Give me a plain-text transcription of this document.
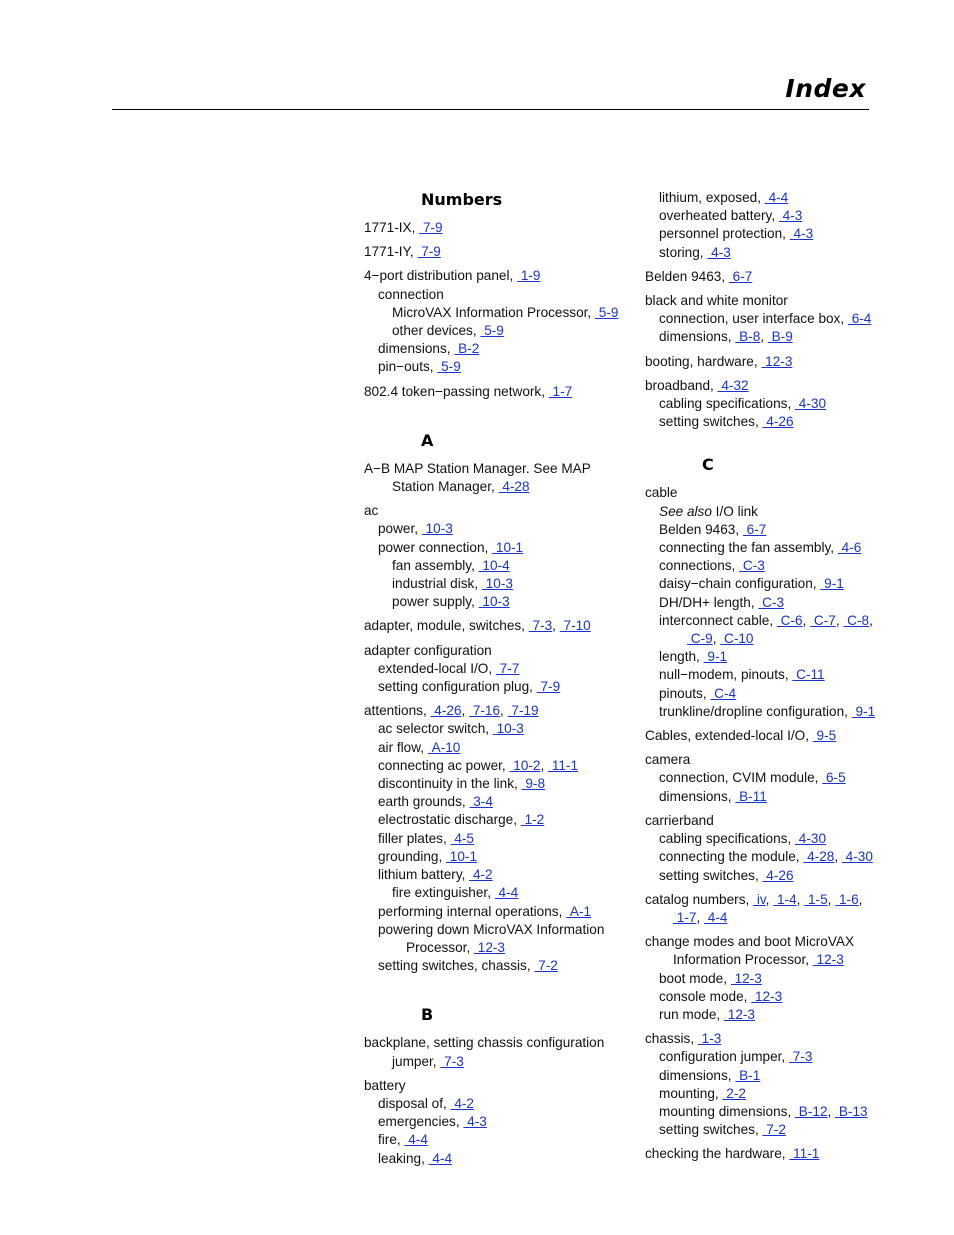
Index
Numbers
1771-IX,  7-9
1771-IY,  7-9
4−port distribution panel,  1-9
connection
MicroVAX Information Processor,  5-9
other devices,  5-9
dimensions,  B-2
pin−outs,  5-9
802.4 token−passing network,  1-7
A
A−B MAP Station Manager. See MAP
Station Manager,  4-28
ac
power,  10-3
power connection,  10-1
fan assembly,  10-4
industrial disk,  10-3
power supply,  10-3
adapter, module, switches,  7-3,  7-10
adapter configuration
extended-local I/O,  7-7
setting configuration plug,  7-9
attentions,  4-26,  7-16,  7-19
ac selector switch,  10-3
air flow,  A-10
connecting ac power,  10-2,  11-1
discontinuity in the link,  9-8
earth grounds,  3-4
electrostatic discharge,  1-2
filler plates,  4-5
grounding,  10-1
lithium battery,  4-2
fire extinguisher,  4-4
performing internal operations,  A-1
powering down MicroVAX Information
Processor,  12-3
setting switches, chassis,  7-2
B
backplane, setting chassis configuration
jumper,  7-3
battery
disposal of,  4-2
emergencies,  4-3
fire,  4-4
leaking,  4-4
lithium, exposed,  4-4
overheated battery,  4-3
personnel protection,  4-3
storing,  4-3
Belden 9463,  6-7
black and white monitor
connection, user interface box,  6-4
dimensions,  B-8,  B-9
booting, hardware,  12-3
broadband,  4-32
cabling specifications,  4-30
setting switches,  4-26
C
cable
See also I/O link
Belden 9463,  6-7
connecting the fan assembly,  4-6
connections,  C-3
daisy−chain configuration,  9-1
DH/DH+ length,  C-3
interconnect cable,  C-6,  C-7,  C-8,
C-9,  C-10
length,  9-1
null−modem, pinouts,  C-11
pinouts,  C-4
trunkline/dropline configuration,  9-1
Cables, extended-local I/O,  9-5
camera
connection, CVIM module,  6-5
dimensions,  B-11
carrierband
cabling specifications,  4-30
connecting the module,  4-28,  4-30
setting switches,  4-26
catalog numbers,  iv,  1-4,  1-5,  1-6,
1-7,  4-4
change modes and boot MicroVAX
Information Processor,  12-3
boot mode,  12-3
console mode,  12-3
run mode,  12-3
chassis,  1-3
configuration jumper,  7-3
dimensions,  B-1
mounting,  2-2
mounting dimensions,  B-12,  B-13
setting switches,  7-2
checking the hardware,  11-1
